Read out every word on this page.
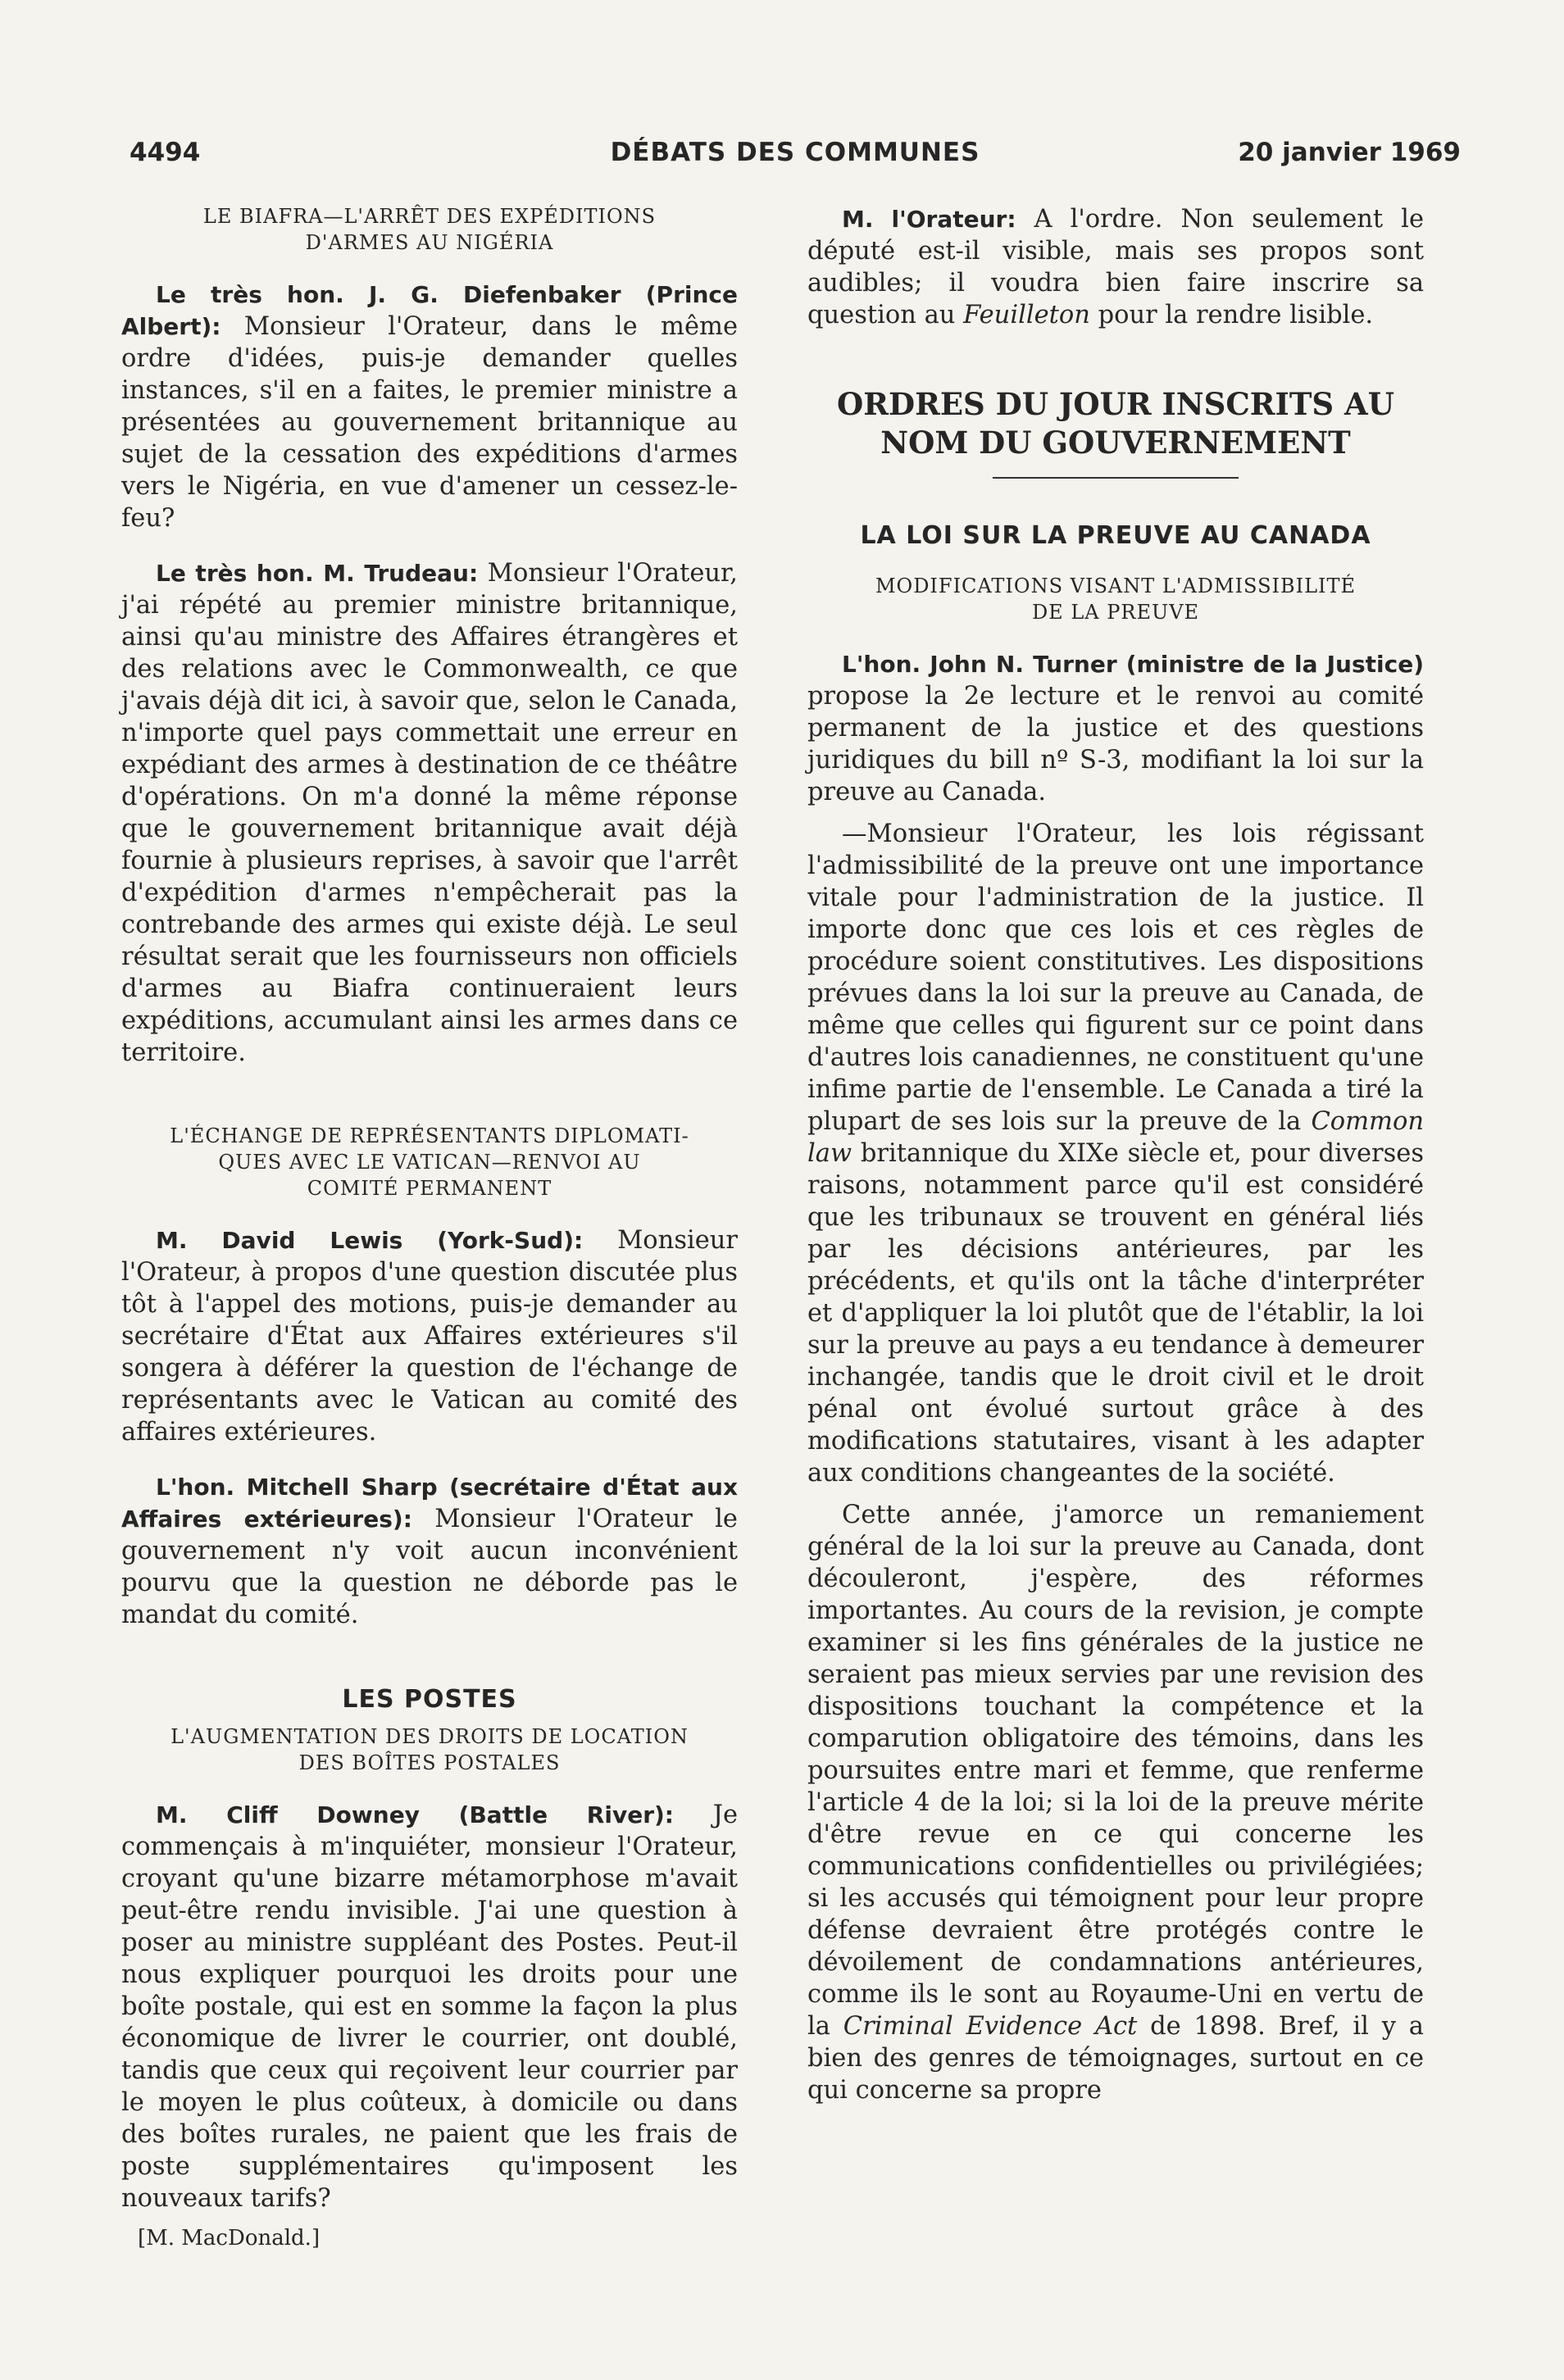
4494	DÉBATS DES COMMUNES	20 janvier 1969
LE BIAFRA—L'ARRÊT DES EXPÉDITIONS
D'ARMES AU NIGÉRIA

Le très hon. J. G. Diefenbaker (Prince Albert): Monsieur l'Orateur, dans le même ordre d'idées, puis-je demander quelles instances, s'il en a faites, le premier ministre a présentées au gouvernement britannique au sujet de la cessation des expéditions d'armes vers le Nigéria, en vue d'amener un cessez-le-feu?

Le très hon. M. Trudeau: Monsieur l'Orateur, j'ai répété au premier ministre britannique, ainsi qu'au ministre des Affaires étrangères et des relations avec le Commonwealth, ce que j'avais déjà dit ici, à savoir que, selon le Canada, n'importe quel pays commettait une erreur en expédiant des armes à destination de ce théâtre d'opérations. On m'a donné la même réponse que le gouvernement britannique avait déjà fournie à plusieurs reprises, à savoir que l'arrêt d'expédition d'armes n'empêcherait pas la contrebande des armes qui existe déjà. Le seul résultat serait que les fournisseurs non officiels d'armes au Biafra continueraient leurs expéditions, accumulant ainsi les armes dans ce territoire.

L'ÉCHANGE DE REPRÉSENTANTS DIPLOMATI-
QUES AVEC LE VATICAN—RENVOI AU
COMITÉ PERMANENT

M. David Lewis (York-Sud): Monsieur l'Orateur, à propos d'une question discutée plus tôt à l'appel des motions, puis-je demander au secrétaire d'État aux Affaires extérieures s'il songera à déférer la question de l'échange de représentants avec le Vatican au comité des affaires extérieures.

L'hon. Mitchell Sharp (secrétaire d'État aux Affaires extérieures): Monsieur l'Orateur le gouvernement n'y voit aucun inconvénient pourvu que la question ne déborde pas le mandat du comité.

LES POSTES
L'AUGMENTATION DES DROITS DE LOCATION
DES BOÎTES POSTALES

M. Cliff Downey (Battle River): Je commençais à m'inquiéter, monsieur l'Orateur, croyant qu'une bizarre métamorphose m'avait peut-être rendu invisible. J'ai une question à poser au ministre suppléant des Postes. Peut-il nous expliquer pourquoi les droits pour une boîte postale, qui est en somme la façon la plus économique de livrer le courrier, ont doublé, tandis que ceux qui reçoivent leur courrier par le moyen le plus coûteux, à domicile ou dans des boîtes rurales, ne paient que les frais de poste supplémentaires qu'imposent les nouveaux tarifs?

[M. MacDonald.]

M. l'Orateur: A l'ordre. Non seulement le député est-il visible, mais ses propos sont audibles; il voudra bien faire inscrire sa question au Feuilleton pour la rendre lisible.

ORDRES DU JOUR INSCRITS AU
NOM DU GOUVERNEMENT
LA LOI SUR LA PREUVE AU CANADA
MODIFICATIONS VISANT L'ADMISSIBILITÉ
DE LA PREUVE

L'hon. John N. Turner (ministre de la Justice) propose la 2e lecture et le renvoi au comité permanent de la justice et des questions juridiques du bill nº S-3, modifiant la loi sur la preuve au Canada.

—Monsieur l'Orateur, les lois régissant l'admissibilité de la preuve ont une importance vitale pour l'administration de la justice. Il importe donc que ces lois et ces règles de procédure soient constitutives. Les dispositions prévues dans la loi sur la preuve au Canada, de même que celles qui figurent sur ce point dans d'autres lois canadiennes, ne constituent qu'une infime partie de l'ensemble. Le Canada a tiré la plupart de ses lois sur la preuve de la Common law britannique du XIXe siècle et, pour diverses raisons, notamment parce qu'il est considéré que les tribunaux se trouvent en général liés par les décisions antérieures, par les précédents, et qu'ils ont la tâche d'interpréter et d'appliquer la loi plutôt que de l'établir, la loi sur la preuve au pays a eu tendance à demeurer inchangée, tandis que le droit civil et le droit pénal ont évolué surtout grâce à des modifications statutaires, visant à les adapter aux conditions changeantes de la société.

Cette année, j'amorce un remaniement général de la loi sur la preuve au Canada, dont découleront, j'espère, des réformes importantes. Au cours de la revision, je compte examiner si les fins générales de la justice ne seraient pas mieux servies par une revision des dispositions touchant la compétence et la comparution obligatoire des témoins, dans les poursuites entre mari et femme, que renferme l'article 4 de la loi; si la loi de la preuve mérite d'être revue en ce qui concerne les communications confidentielles ou privilégiées; si les accusés qui témoignent pour leur propre défense devraient être protégés contre le dévoilement de condamnations antérieures, comme ils le sont au Royaume-Uni en vertu de la Criminal Evidence Act de 1898. Bref, il y a bien des genres de témoignages, surtout en ce qui concerne sa propre
